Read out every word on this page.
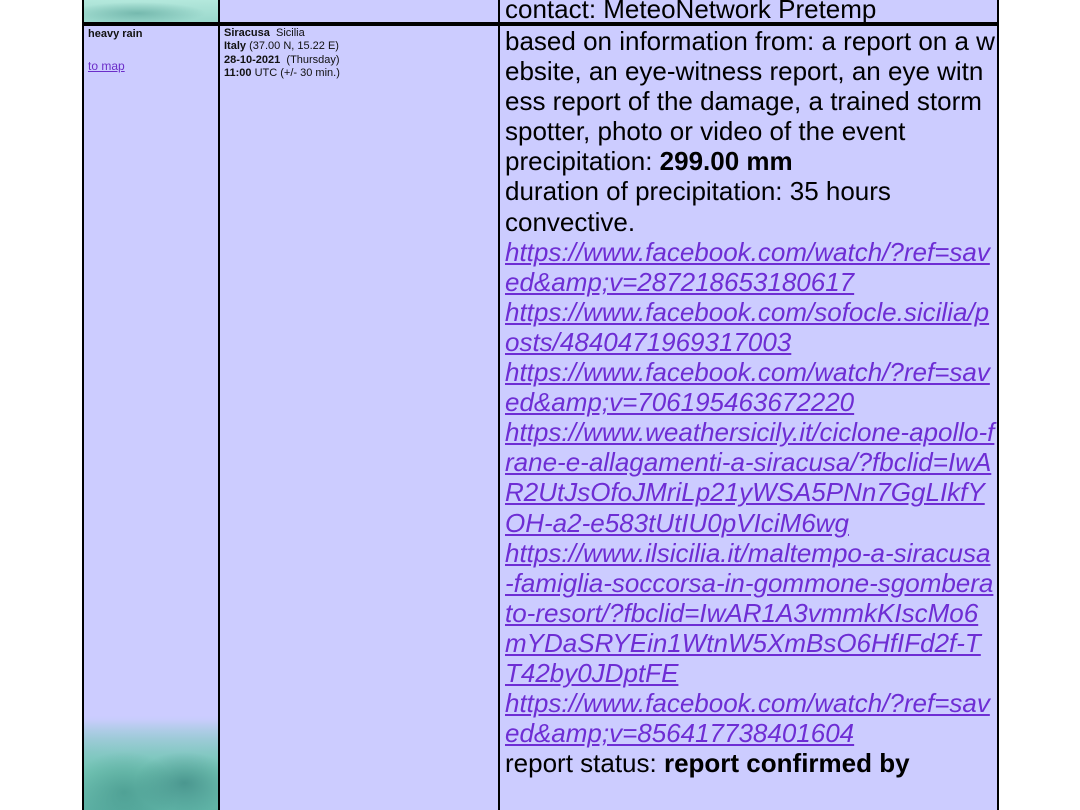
contact: MeteoNetwork Pretemp
heavy rain
to map
Siracusa Sicilia
Italy (37.00 N, 15.22 E)
28-10-2021 (Thursday)
11:00 UTC (+/- 30 min.)
based on information from: a report on a website, an eye-witness report, an eye witness report of the damage, a trained storm spotter, photo or video of the event
precipitation: 299.00 mm
duration of precipitation: 35 hours
convective.
https://www.facebook.com/watch/?ref=saved&amp;v=287218653180617
https://www.facebook.com/sofocle.sicilia/posts/4840471969317003
https://www.facebook.com/watch/?ref=saved&amp;v=706195463672220
https://www.weathersicily.it/ciclone-apollo-frane-e-allagamenti-a-siracusa/?fbclid=IwAR2UtJsOfoJMriLp21yWSA5PNn7GgLIkfYOH-a2-e583tUtIU0pVIciM6wg
https://www.ilsicilia.it/maltempo-a-siracusa-famiglia-soccorsa-in-gommone-sgomberato-resort/?fbclid=IwAR1A3vmmkKIscMo6mYDaSRYEin1WtnW5XmBsO6HfIFd2f-TT42by0JDptFE
https://www.facebook.com/watch/?ref=saved&amp;v=856417738401604
report status: report confirmed by
